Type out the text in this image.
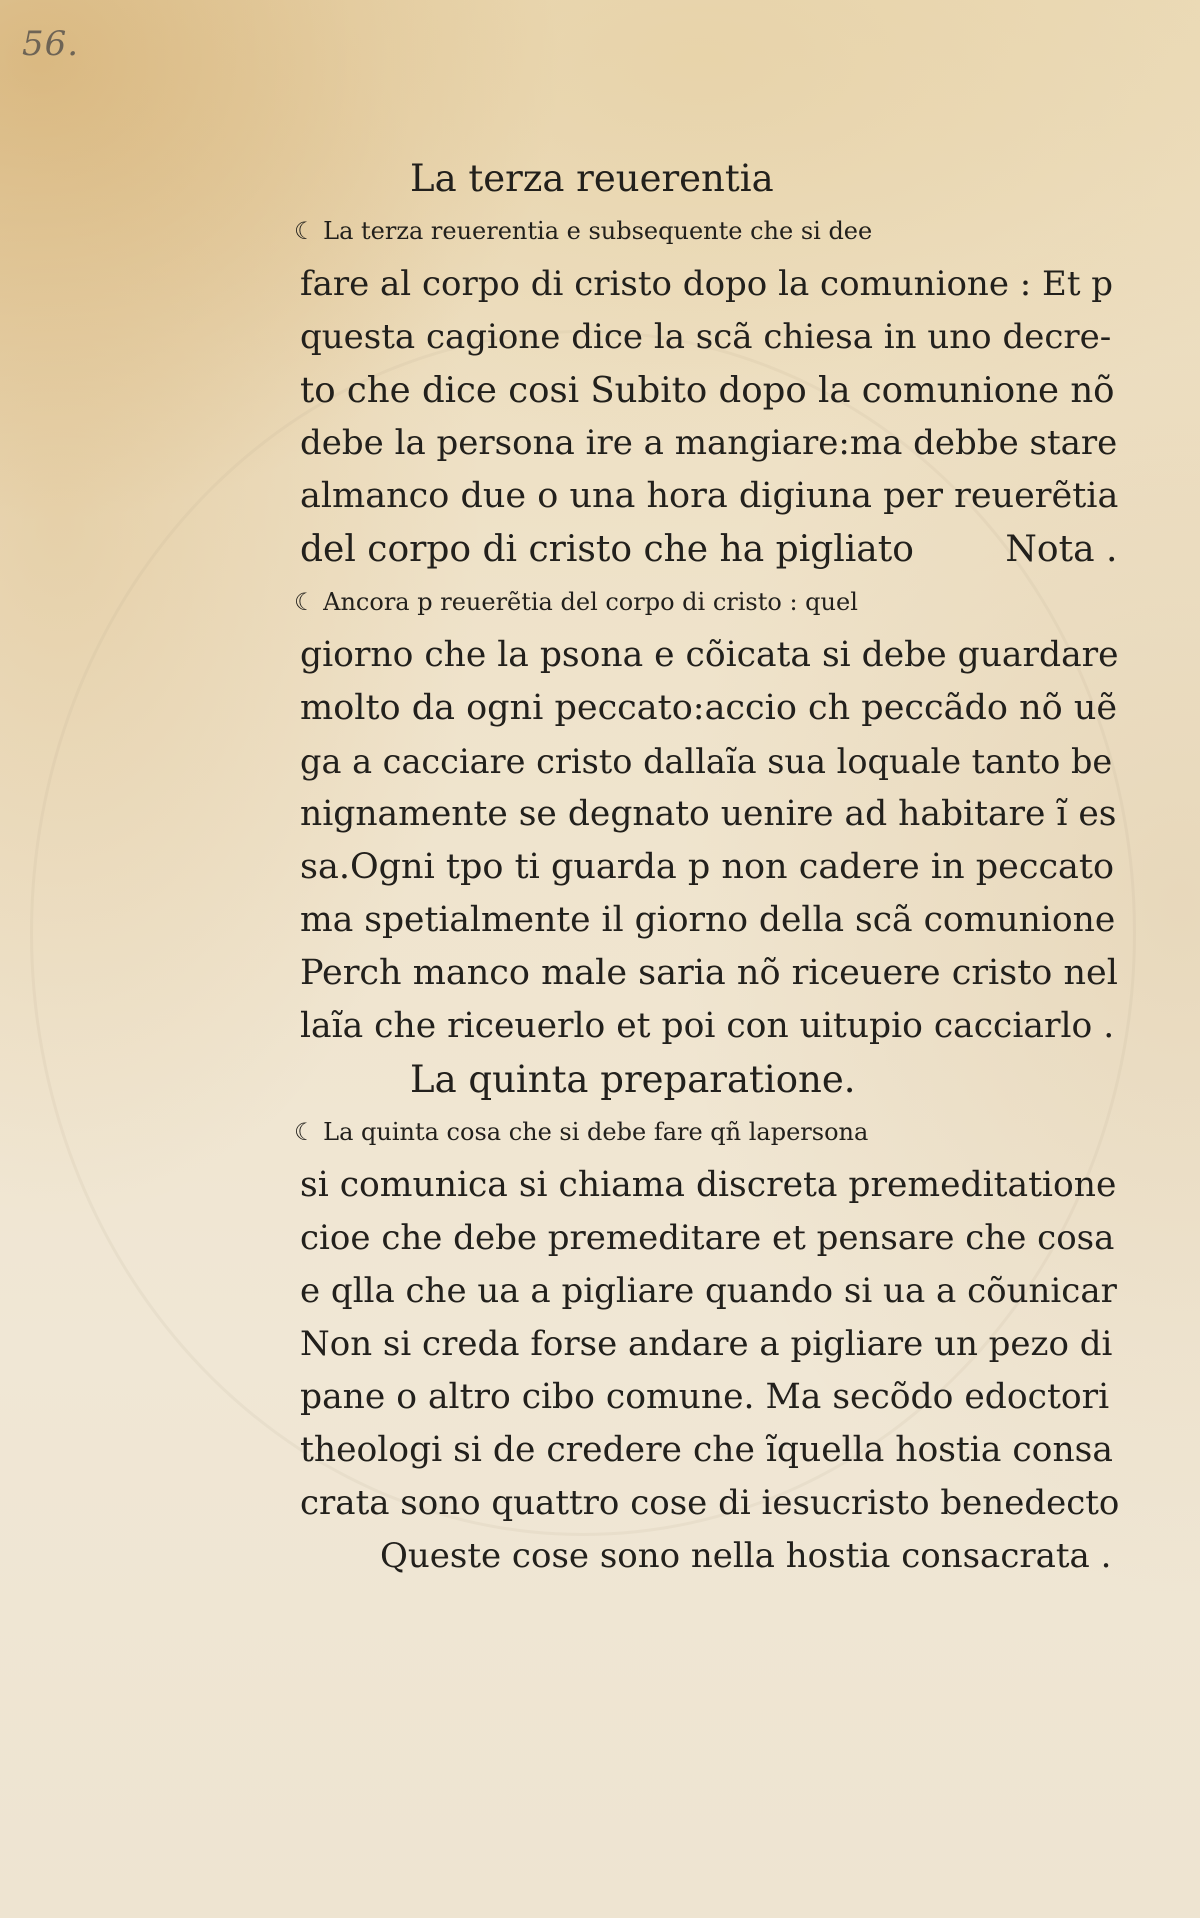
56.
La terza reuerentia
☾ La terza reuerentia e subsequente che si dee
fare al corpo di cristo dopo la comunione : Et p
questa cagione dice la scã chiesa in uno decre-
to che dice cosi Subito dopo la comunione nõ
debe la persona ire a mangiare:ma debbe stare
almanco due o una hora digiuna per reuerẽtia
del corpo di cristo che ha pigliato        Nota .
☾ Ancora p reuerẽtia del corpo di cristo : quel
giorno che la psona e cõicata si debe guardare
molto da ogni peccato:accio ch peccãdo nõ uẽ
ga a cacciare cristo dallaĩa sua loquale tanto be
nignamente se degnato uenire ad habitare ĩ es
sa.Ogni tpo ti guarda p non cadere in peccato
ma spetialmente il giorno della scã comunione
Perch manco male saria nõ riceuere cristo nel
laĩa che riceuerlo et poi con uitupio cacciarlo .
La quinta preparatione.
☾ La quinta cosa che si debe fare qñ lapersona
si comunica si chiama discreta premeditatione
cioe che debe premeditare et pensare che cosa
e qlla che ua a pigliare quando si ua a cõunicar
Non si creda forse andare a pigliare un pezo di
pane o altro cibo comune. Ma secõdo edoctori
theologi si de credere che ĩquella hostia consa
crata sono quattro cose di iesucristo benedecto
Queste cose sono nella hostia consacrata .
